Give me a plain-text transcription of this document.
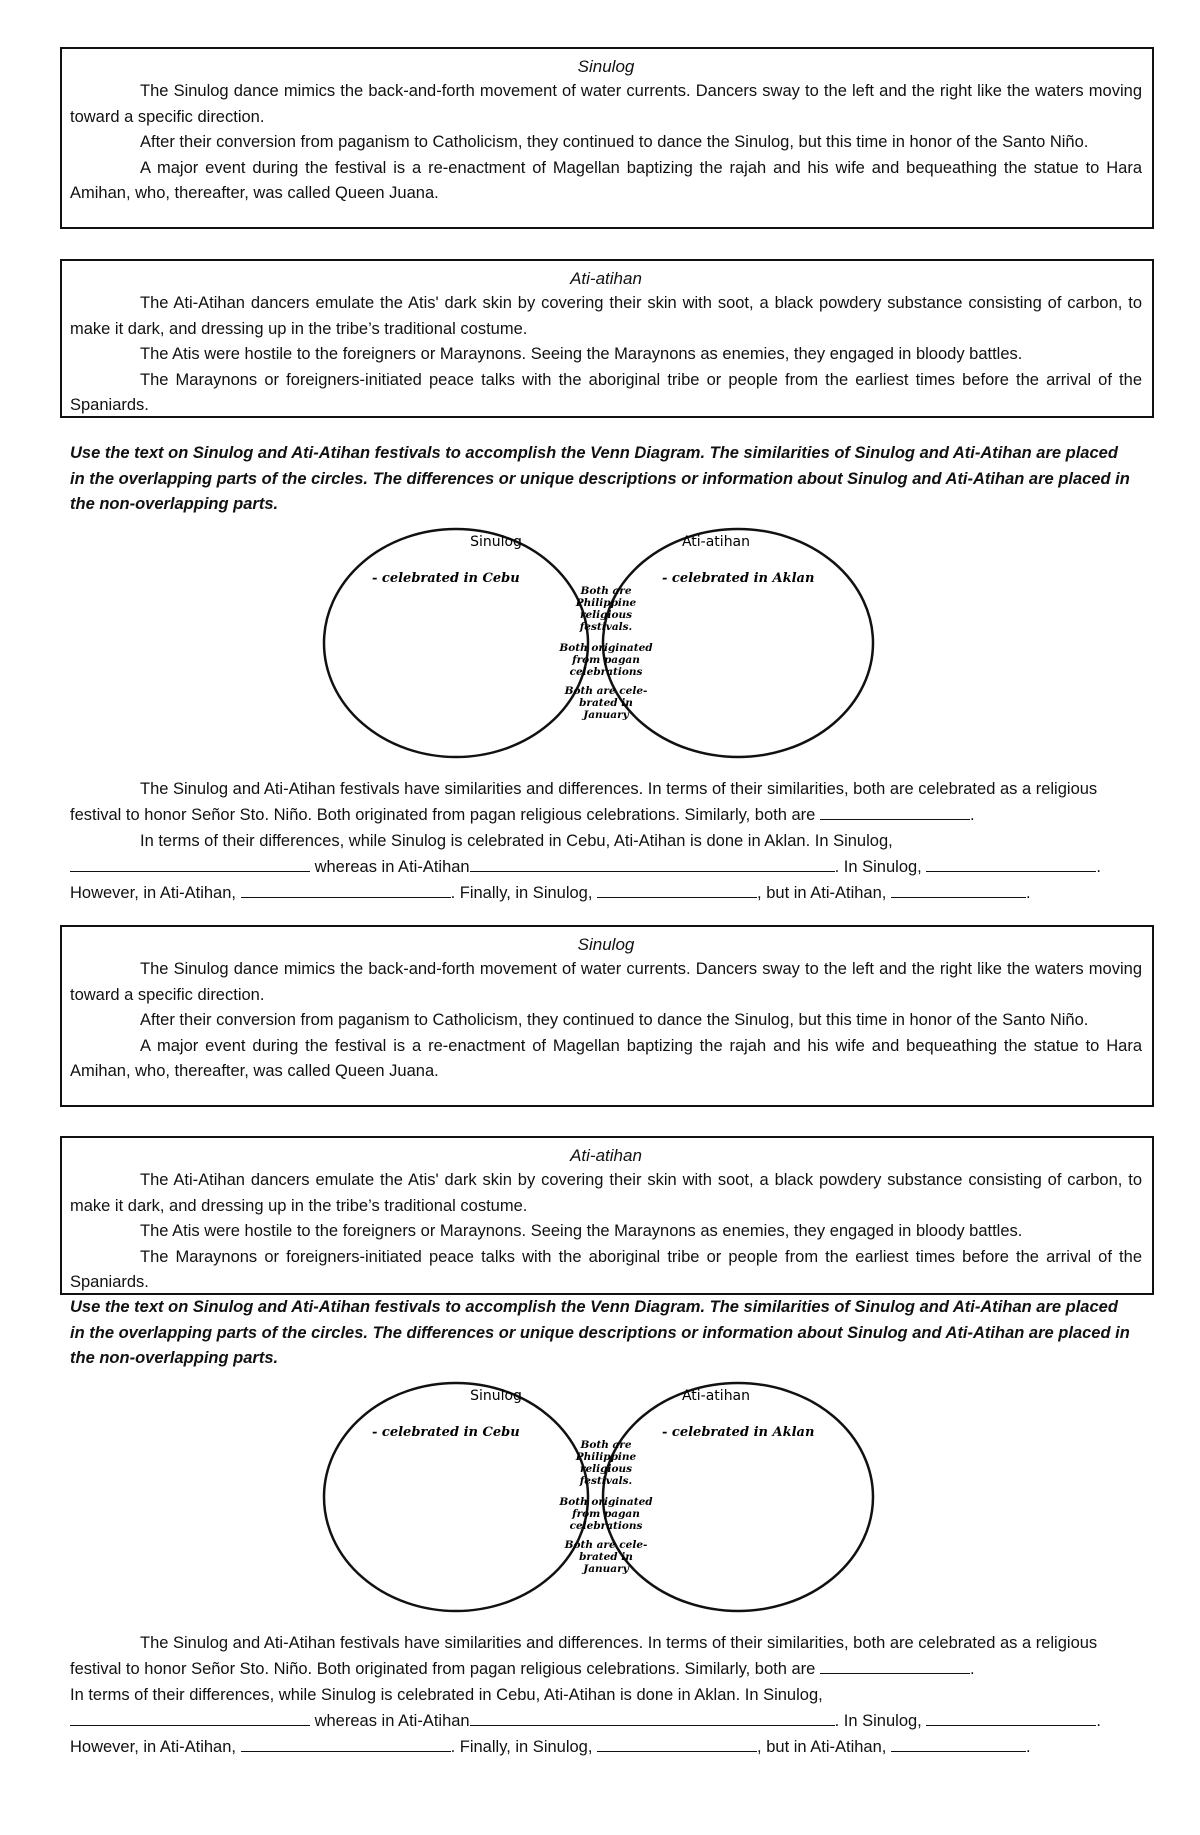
Sinulog

The Sinulog dance mimics the back-and-forth movement of water currents. Dancers sway to the left and the right like the waters moving toward a specific direction.

After their conversion from paganism to Catholicism, they continued to dance the Sinulog, but this time in honor of the Santo Niño.

A major event during the festival is a re-enactment of Magellan baptizing the rajah and his wife and bequeathing the statue to Hara Amihan, who, thereafter, was called Queen Juana.

Ati-atihan

The Ati-Atihan dancers emulate the Atis' dark skin by covering their skin with soot, a black powdery substance consisting of carbon, to make it dark, and dressing up in the tribe’s traditional costume.

The Atis were hostile to the foreigners or Maraynons. Seeing the Maraynons as enemies, they engaged in bloody battles.

The Maraynons or foreigners-initiated peace talks with the aboriginal tribe or people from the earliest times before the arrival of the Spaniards.

Use the text on Sinulog and Ati-Atihan festivals to accomplish the Venn Diagram. The similarities of Sinulog and Ati-Atihan are placed in the overlapping parts of the circles. The differences or unique descriptions or information about Sinulog and Ati-Atihan are placed in the non-overlapping parts.

Sinulog	Ati-atihan
- celebrated in Cebu	- celebrated in Aklan
Both are
Philippine
religious
festivals.
Both originated
from pagan
celebrations
Both are cele-
brated in
January

The Sinulog and Ati-Atihan festivals have similarities and differences. In terms of their similarities, both are celebrated as a religious festival to honor Señor Sto. Niño. Both originated from pagan religious celebrations. Similarly, both are	.

In terms of their differences, while Sinulog is celebrated in Cebu, Ati-Atihan is done in Aklan. In Sinulog,

whereas in Ati-Atihan	. In Sinulog,	.

However, in Ati-Atihan,	. Finally, in Sinulog,	, but in Ati-Atihan,	.

Sinulog

The Sinulog dance mimics the back-and-forth movement of water currents. Dancers sway to the left and the right like the waters moving toward a specific direction.

After their conversion from paganism to Catholicism, they continued to dance the Sinulog, but this time in honor of the Santo Niño.

A major event during the festival is a re-enactment of Magellan baptizing the rajah and his wife and bequeathing the statue to Hara Amihan, who, thereafter, was called Queen Juana.

Ati-atihan

The Ati-Atihan dancers emulate the Atis' dark skin by covering their skin with soot, a black powdery substance consisting of carbon, to make it dark, and dressing up in the tribe’s traditional costume.

The Atis were hostile to the foreigners or Maraynons. Seeing the Maraynons as enemies, they engaged in bloody battles.

The Maraynons or foreigners-initiated peace talks with the aboriginal tribe or people from the earliest times before the arrival of the Spaniards.

Use the text on Sinulog and Ati-Atihan festivals to accomplish the Venn Diagram. The similarities of Sinulog and Ati-Atihan are placed in the overlapping parts of the circles. The differences or unique descriptions or information about Sinulog and Ati-Atihan are placed in the non-overlapping parts.

Sinulog	Ati-atihan
- celebrated in Cebu	- celebrated in Aklan
Both are
Philippine
religious
festivals.
Both originated
from pagan
celebrations
Both are cele-
brated in
January

The Sinulog and Ati-Atihan festivals have similarities and differences. In terms of their similarities, both are celebrated as a religious festival to honor Señor Sto. Niño. Both originated from pagan religious celebrations. Similarly, both are	.

In terms of their differences, while Sinulog is celebrated in Cebu, Ati-Atihan is done in Aklan. In Sinulog,

whereas in Ati-Atihan	. In Sinulog,	.

However, in Ati-Atihan,	. Finally, in Sinulog,	, but in Ati-Atihan,	.
